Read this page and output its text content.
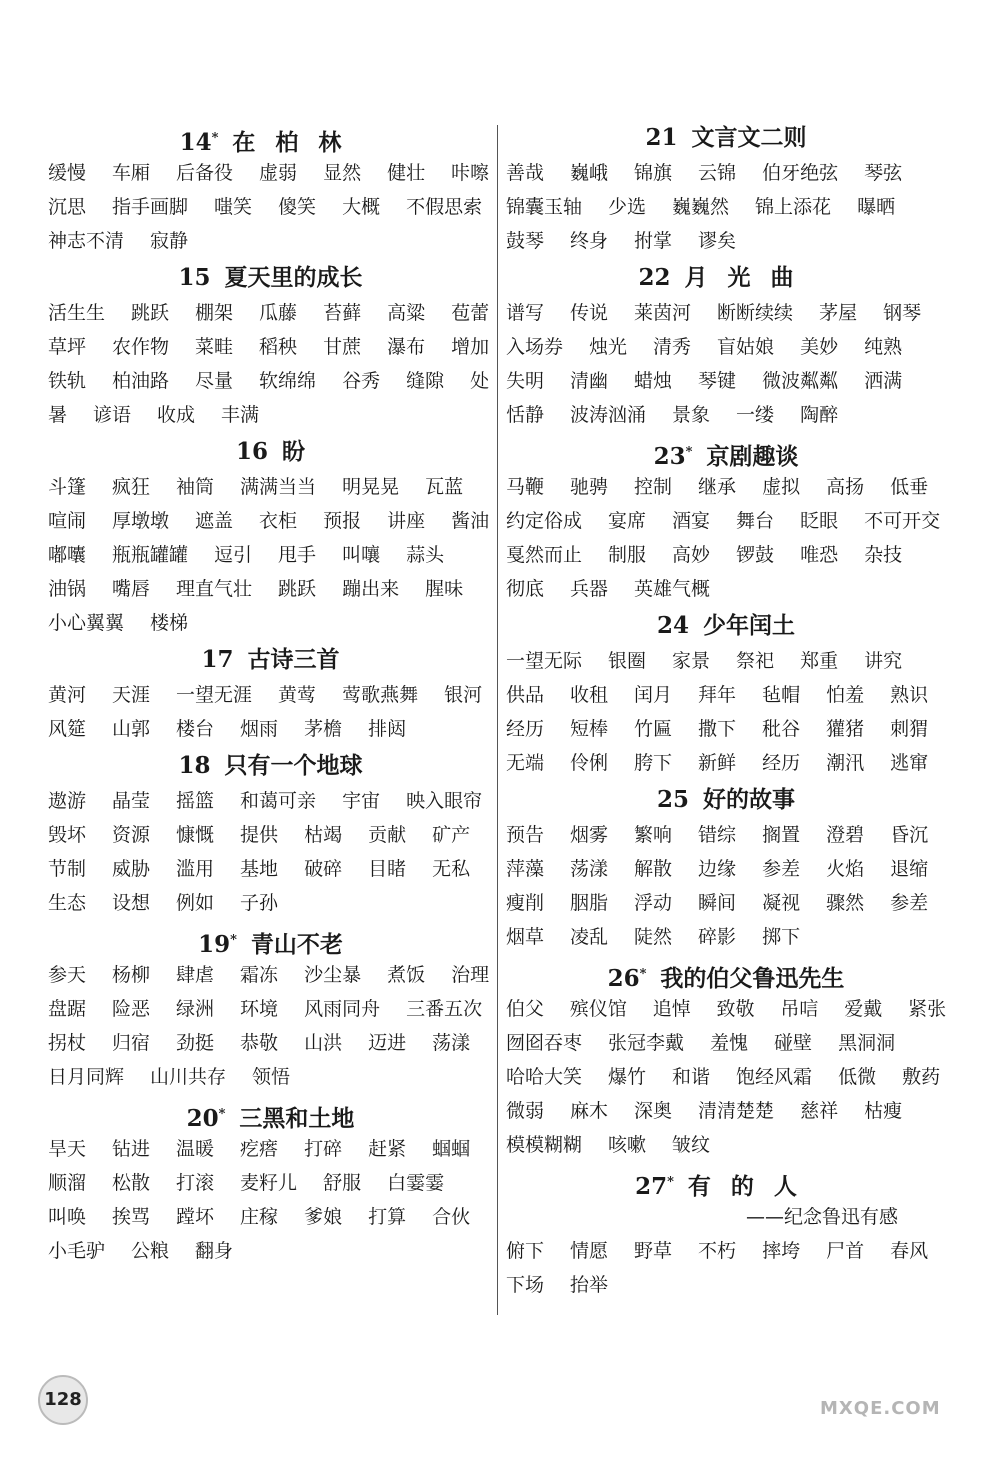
14* 在柏林
缓慢 车厢 后备役 虚弱 显然 健壮 咔嚓
沉思 指手画脚 嗤笑 傻笑 大概 不假思索
神志不清 寂静
15 夏天里的成长
活生生 跳跃 棚架 瓜藤 苔藓 高粱 苞蕾
草坪 农作物 菜畦 稻秧 甘蔗 瀑布 增加
铁轨 柏油路 尽量 软绵绵 谷秀 缝隙 处
暑 谚语 收成 丰满
16 盼
斗篷 疯狂 袖筒 满满当当 明晃晃 瓦蓝
喧闹 厚墩墩 遮盖 衣柜 预报 讲座 酱油
嘟囔 瓶瓶罐罐 逗引 甩手 叫嚷 蒜头
油锅 嘴唇 理直气壮 跳跃 蹦出来 腥味
小心翼翼 楼梯
17 古诗三首
黄河 天涯 一望无涯 黄莺 莺歌燕舞 银河
风筵 山郭 楼台 烟雨 茅檐 排闼
18 只有一个地球
遨游 晶莹 摇篮 和蔼可亲 宇宙 映入眼帘
毁坏 资源 慷慨 提供 枯竭 贡献 矿产
节制 威胁 滥用 基地 破碎 目睹 无私
生态 设想 例如 子孙
19* 青山不老
参天 杨柳 肆虐 霜冻 沙尘暴 煮饭 治理
盘踞 险恶 绿洲 环境 风雨同舟 三番五次
拐杖 归宿 劲挺 恭敬 山洪 迈进 荡漾
日月同辉 山川共存 领悟
20* 三黑和土地
旱天 钻进 温暖 疙瘩 打碎 赶紧 蝈蝈
顺溜 松散 打滚 麦籽儿 舒服 白霎霎
叫唤 挨骂 蹚坏 庄稼 爹娘 打算 合伙
小毛驴 公粮 翻身
21 文言文二则
善哉 巍峨 锦旗 云锦 伯牙绝弦 琴弦
锦囊玉轴 少选 巍巍然 锦上添花 曝晒
鼓琴 终身 拊掌 谬矣
22 月光曲
谱写 传说 莱茵河 断断续续 茅屋 钢琴
入场券 烛光 清秀 盲姑娘 美妙 纯熟
失明 清幽 蜡烛 琴键 微波粼粼 洒满
恬静 波涛汹涌 景象 一缕 陶醉
23* 京剧趣谈
马鞭 驰骋 控制 继承 虚拟 高扬 低垂
约定俗成 宴席 酒宴 舞台 眨眼 不可开交
戛然而止 制服 高妙 锣鼓 唯恐 杂技
彻底 兵器 英雄气概
24 少年闰土
一望无际 银圈 家景 祭祀 郑重 讲究
供品 收租 闰月 拜年 毡帽 怕羞 熟识
经历 短棒 竹匾 撒下 秕谷 獾猪 刺猬
无端 伶俐 胯下 新鲜 经历 潮汛 逃窜
25 好的故事
预告 烟雾 繁响 错综 搁置 澄碧 昏沉
萍藻 荡漾 解散 边缘 参差 火焰 退缩
瘦削 胭脂 浮动 瞬间 凝视 骤然 参差
烟草 凌乱 陡然 碎影 掷下
26* 我的伯父鲁迅先生
伯父 殡仪馆 追悼 致敬 吊唁 爱戴 紧张
囫囵吞枣 张冠李戴 羞愧 碰壁 黑洞洞
哈哈大笑 爆竹 和谐 饱经风霜 低微 敷药
微弱 麻木 深奥 清清楚楚 慈祥 枯瘦
模模糊糊 咳嗽 皱纹
27* 有的人
——纪念鲁迅有感
俯下 情愿 野草 不朽 摔垮 尸首 春风
下场 抬举
128	MXQE.COM
